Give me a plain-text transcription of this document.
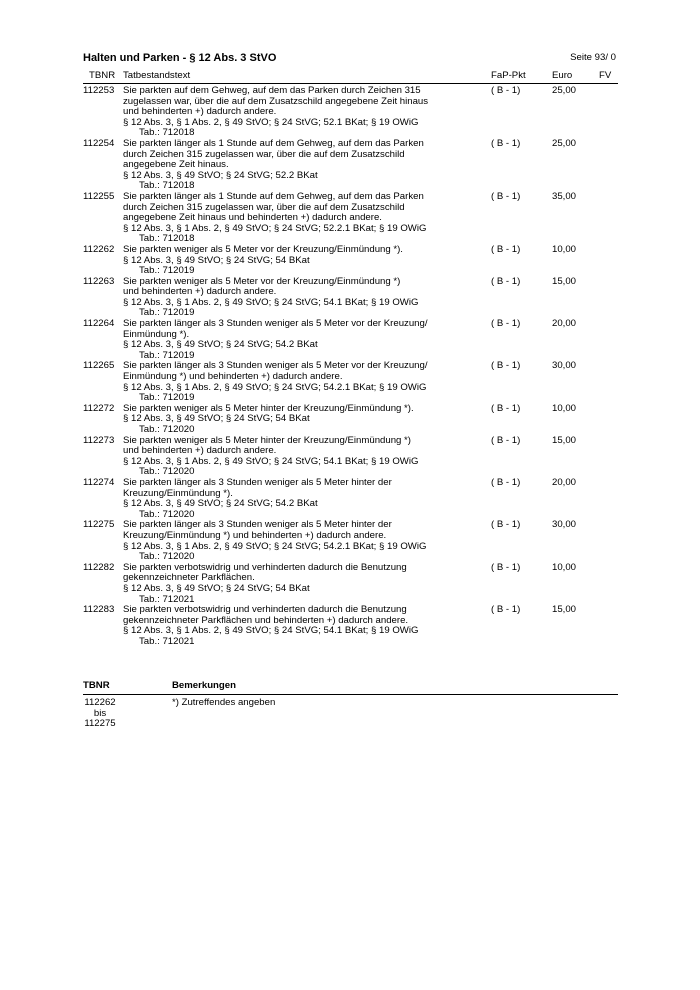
Halten und Parken - § 12 Abs. 3 StVO	Seite 93/ 0
TBNR Tatbestandstext	FaP-Pkt	Euro	FV
112253 Sie parkten auf dem Gehweg, auf dem das Parken durch Zeichen 315
zugelassen war, über die auf dem Zusatzschild angegebene Zeit hinaus
und behinderten +) dadurch andere.
§ 12 Abs. 3, § 1 Abs. 2, § 49 StVO; § 24 StVG; 52.1 BKat; § 19 OWiG
Tab.: 712018
( B - 1)	25,00
112254 Sie parkten länger als 1 Stunde auf dem Gehweg, auf dem das Parken
durch Zeichen 315 zugelassen war, über die auf dem Zusatzschild
angegebene Zeit hinaus.
§ 12 Abs. 3, § 49 StVO; § 24 StVG; 52.2 BKat
Tab.: 712018
( B - 1)	25,00
112255 Sie parkten länger als 1 Stunde auf dem Gehweg, auf dem das Parken
durch Zeichen 315 zugelassen war, über die auf dem Zusatzschild
angegebene Zeit hinaus und behinderten +) dadurch andere.
§ 12 Abs. 3, § 1 Abs. 2, § 49 StVO; § 24 StVG; 52.2.1 BKat; § 19 OWiG
Tab.: 712018
( B - 1)	35,00
112262 Sie parkten weniger als 5 Meter vor der Kreuzung/Einmündung *).
§ 12 Abs. 3, § 49 StVO; § 24 StVG; 54 BKat
Tab.: 712019
( B - 1)	10,00
112263 Sie parkten weniger als 5 Meter vor der Kreuzung/Einmündung *)
und behinderten +) dadurch andere.
§ 12 Abs. 3, § 1 Abs. 2, § 49 StVO; § 24 StVG; 54.1 BKat; § 19 OWiG
Tab.: 712019
( B - 1)	15,00
112264 Sie parkten länger als 3 Stunden weniger als 5 Meter vor der Kreuzung/
Einmündung *).
§ 12 Abs. 3, § 49 StVO; § 24 StVG; 54.2 BKat
Tab.: 712019
( B - 1)	20,00
112265 Sie parkten länger als 3 Stunden weniger als 5 Meter vor der Kreuzung/
Einmündung *) und behinderten +) dadurch andere.
§ 12 Abs. 3, § 1 Abs. 2, § 49 StVO; § 24 StVG; 54.2.1 BKat; § 19 OWiG
Tab.: 712019
( B - 1)	30,00
112272 Sie parkten weniger als 5 Meter hinter der Kreuzung/Einmündung *).
§ 12 Abs. 3, § 49 StVO; § 24 StVG; 54 BKat
Tab.: 712020
( B - 1)	10,00
112273 Sie parkten weniger als 5 Meter hinter der Kreuzung/Einmündung *)
und behinderten +) dadurch andere.
§ 12 Abs. 3, § 1 Abs. 2, § 49 StVO; § 24 StVG; 54.1 BKat; § 19 OWiG
Tab.: 712020
( B - 1)	15,00
112274 Sie parkten länger als 3 Stunden weniger als 5 Meter hinter der
Kreuzung/Einmündung *).
§ 12 Abs. 3, § 49 StVO; § 24 StVG; 54.2 BKat
Tab.: 712020
( B - 1)	20,00
112275 Sie parkten länger als 3 Stunden weniger als 5 Meter hinter der
Kreuzung/Einmündung *) und behinderten +) dadurch andere.
§ 12 Abs. 3, § 1 Abs. 2, § 49 StVO; § 24 StVG; 54.2.1 BKat; § 19 OWiG
Tab.: 712020
( B - 1)	30,00
112282 Sie parkten verbotswidrig und verhinderten dadurch die Benutzung
gekennzeichneter Parkflächen.
§ 12 Abs. 3, § 49 StVO; § 24 StVG; 54 BKat
Tab.: 712021
( B - 1)	10,00
112283 Sie parkten verbotswidrig und verhinderten dadurch die Benutzung
gekennzeichneter Parkflächen und behinderten +) dadurch andere.
§ 12 Abs. 3, § 1 Abs. 2, § 49 StVO; § 24 StVG; 54.1 BKat; § 19 OWiG
Tab.: 712021
( B - 1)	15,00
TBNR	Bemerkungen
112262
bis
112275
*) Zutreffendes angeben
